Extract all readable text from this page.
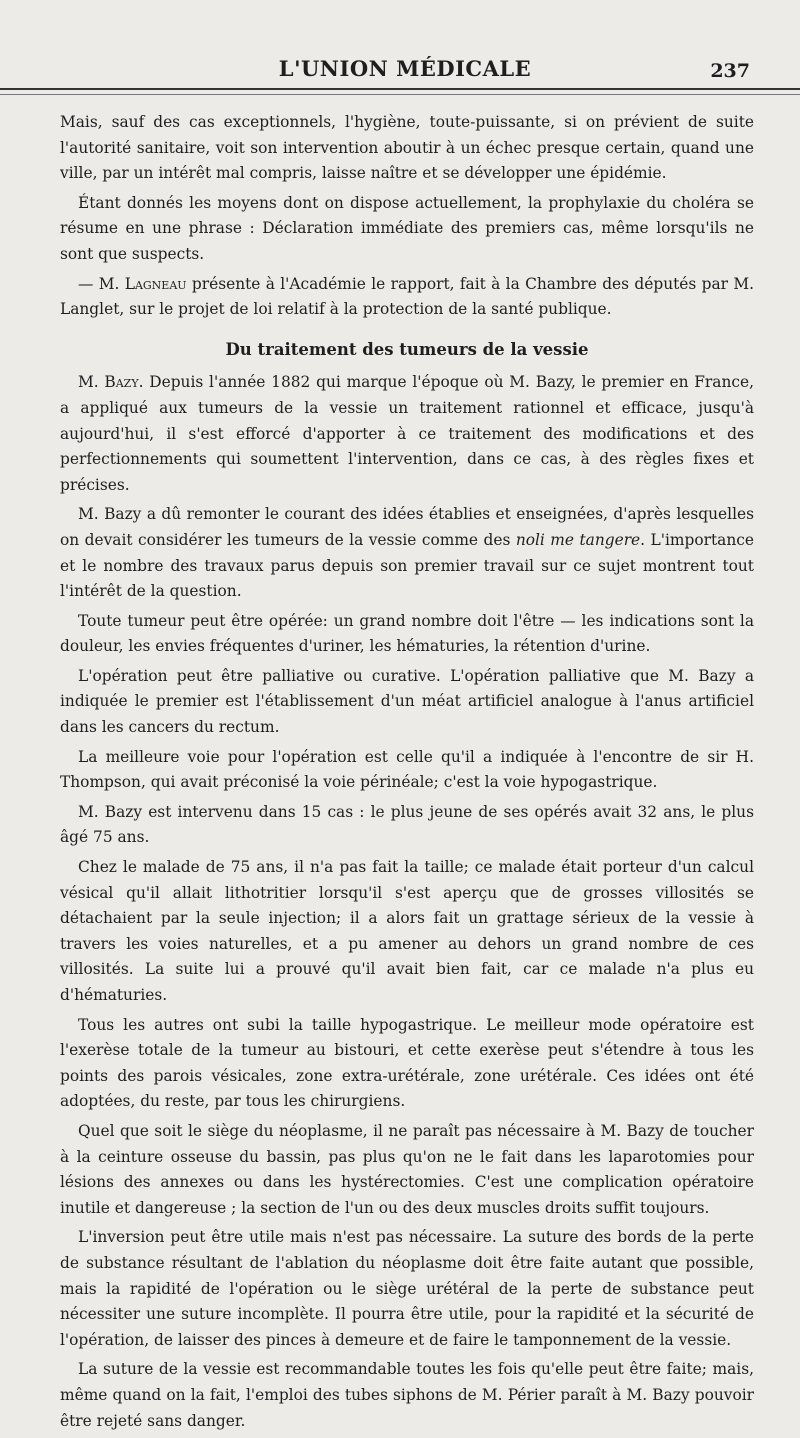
L'UNION MÉDICALE	237

Mais, sauf des cas exceptionnels, l'hygiène, toute-puissante, si on prévient de suite l'autorité sanitaire, voit son intervention aboutir à un échec presque certain, quand une ville, par un intérêt mal compris, laisse naître et se développer une épidémie.

Étant donnés les moyens dont on dispose actuellement, la prophylaxie du choléra se résume en une phrase : Déclaration immédiate des premiers cas, même lorsqu'ils ne sont que suspects.

— M. Lagneau présente à l'Académie le rapport, fait à la Chambre des députés par M. Langlet, sur le projet de loi relatif à la protection de la santé publique.

Du traitement des tumeurs de la vessie

M. Bazy. Depuis l'année 1882 qui marque l'époque où M. Bazy, le premier en France, a appliqué aux tumeurs de la vessie un traitement rationnel et efficace, jusqu'à aujourd'hui, il s'est efforcé d'apporter à ce traitement des modifications et des perfectionnements qui soumettent l'intervention, dans ce cas, à des règles fixes et précises.

M. Bazy a dû remonter le courant des idées établies et enseignées, d'après lesquelles on devait considérer les tumeurs de la vessie comme des noli me tangere. L'importance et le nombre des travaux parus depuis son premier travail sur ce sujet montrent tout l'intérêt de la question.

Toute tumeur peut être opérée: un grand nombre doit l'être — les indications sont la douleur, les envies fréquentes d'uriner, les hématuries, la rétention d'urine.

L'opération peut être palliative ou curative. L'opération palliative que M. Bazy a indiquée le premier est l'établissement d'un méat artificiel analogue à l'anus artificiel dans les cancers du rectum.

La meilleure voie pour l'opération est celle qu'il a indiquée à l'encontre de sir H. Thompson, qui avait préconisé la voie périnéale; c'est la voie hypogastrique.

M. Bazy est intervenu dans 15 cas : le plus jeune de ses opérés avait 32 ans, le plus âgé 75 ans.

Chez le malade de 75 ans, il n'a pas fait la taille; ce malade était porteur d'un calcul vésical qu'il allait lithotritier lorsqu'il s'est aperçu que de grosses villosités se détachaient par la seule injection; il a alors fait un grattage sérieux de la vessie à travers les voies naturelles, et a pu amener au dehors un grand nombre de ces villosités. La suite lui a prouvé qu'il avait bien fait, car ce malade n'a plus eu d'hématuries.

Tous les autres ont subi la taille hypogastrique. Le meilleur mode opératoire est l'exerèse totale de la tumeur au bistouri, et cette exerèse peut s'étendre à tous les points des parois vésicales, zone extra-urétérale, zone urétérale. Ces idées ont été adoptées, du reste, par tous les chirurgiens.

Quel que soit le siège du néoplasme, il ne paraît pas nécessaire à M. Bazy de toucher à la ceinture osseuse du bassin, pas plus qu'on ne le fait dans les laparotomies pour lésions des annexes ou dans les hystérectomies. C'est une complication opératoire inutile et dangereuse ; la section de l'un ou des deux muscles droits suffit toujours.

L'inversion peut être utile mais n'est pas nécessaire. La suture des bords de la perte de substance résultant de l'ablation du néoplasme doit être faite autant que possible, mais la rapidité de l'opération ou le siège urétéral de la perte de substance peut nécessiter une suture incomplète. Il pourra être utile, pour la rapidité et la sécurité de l'opération, de laisser des pinces à demeure et de faire le tamponnement de la vessie.

La suture de la vessie est recommandable toutes les fois qu'elle peut être faite; mais, même quand on la fait, l'emploi des tubes siphons de M. Périer paraît à M. Bazy pouvoir être rejeté sans danger.
